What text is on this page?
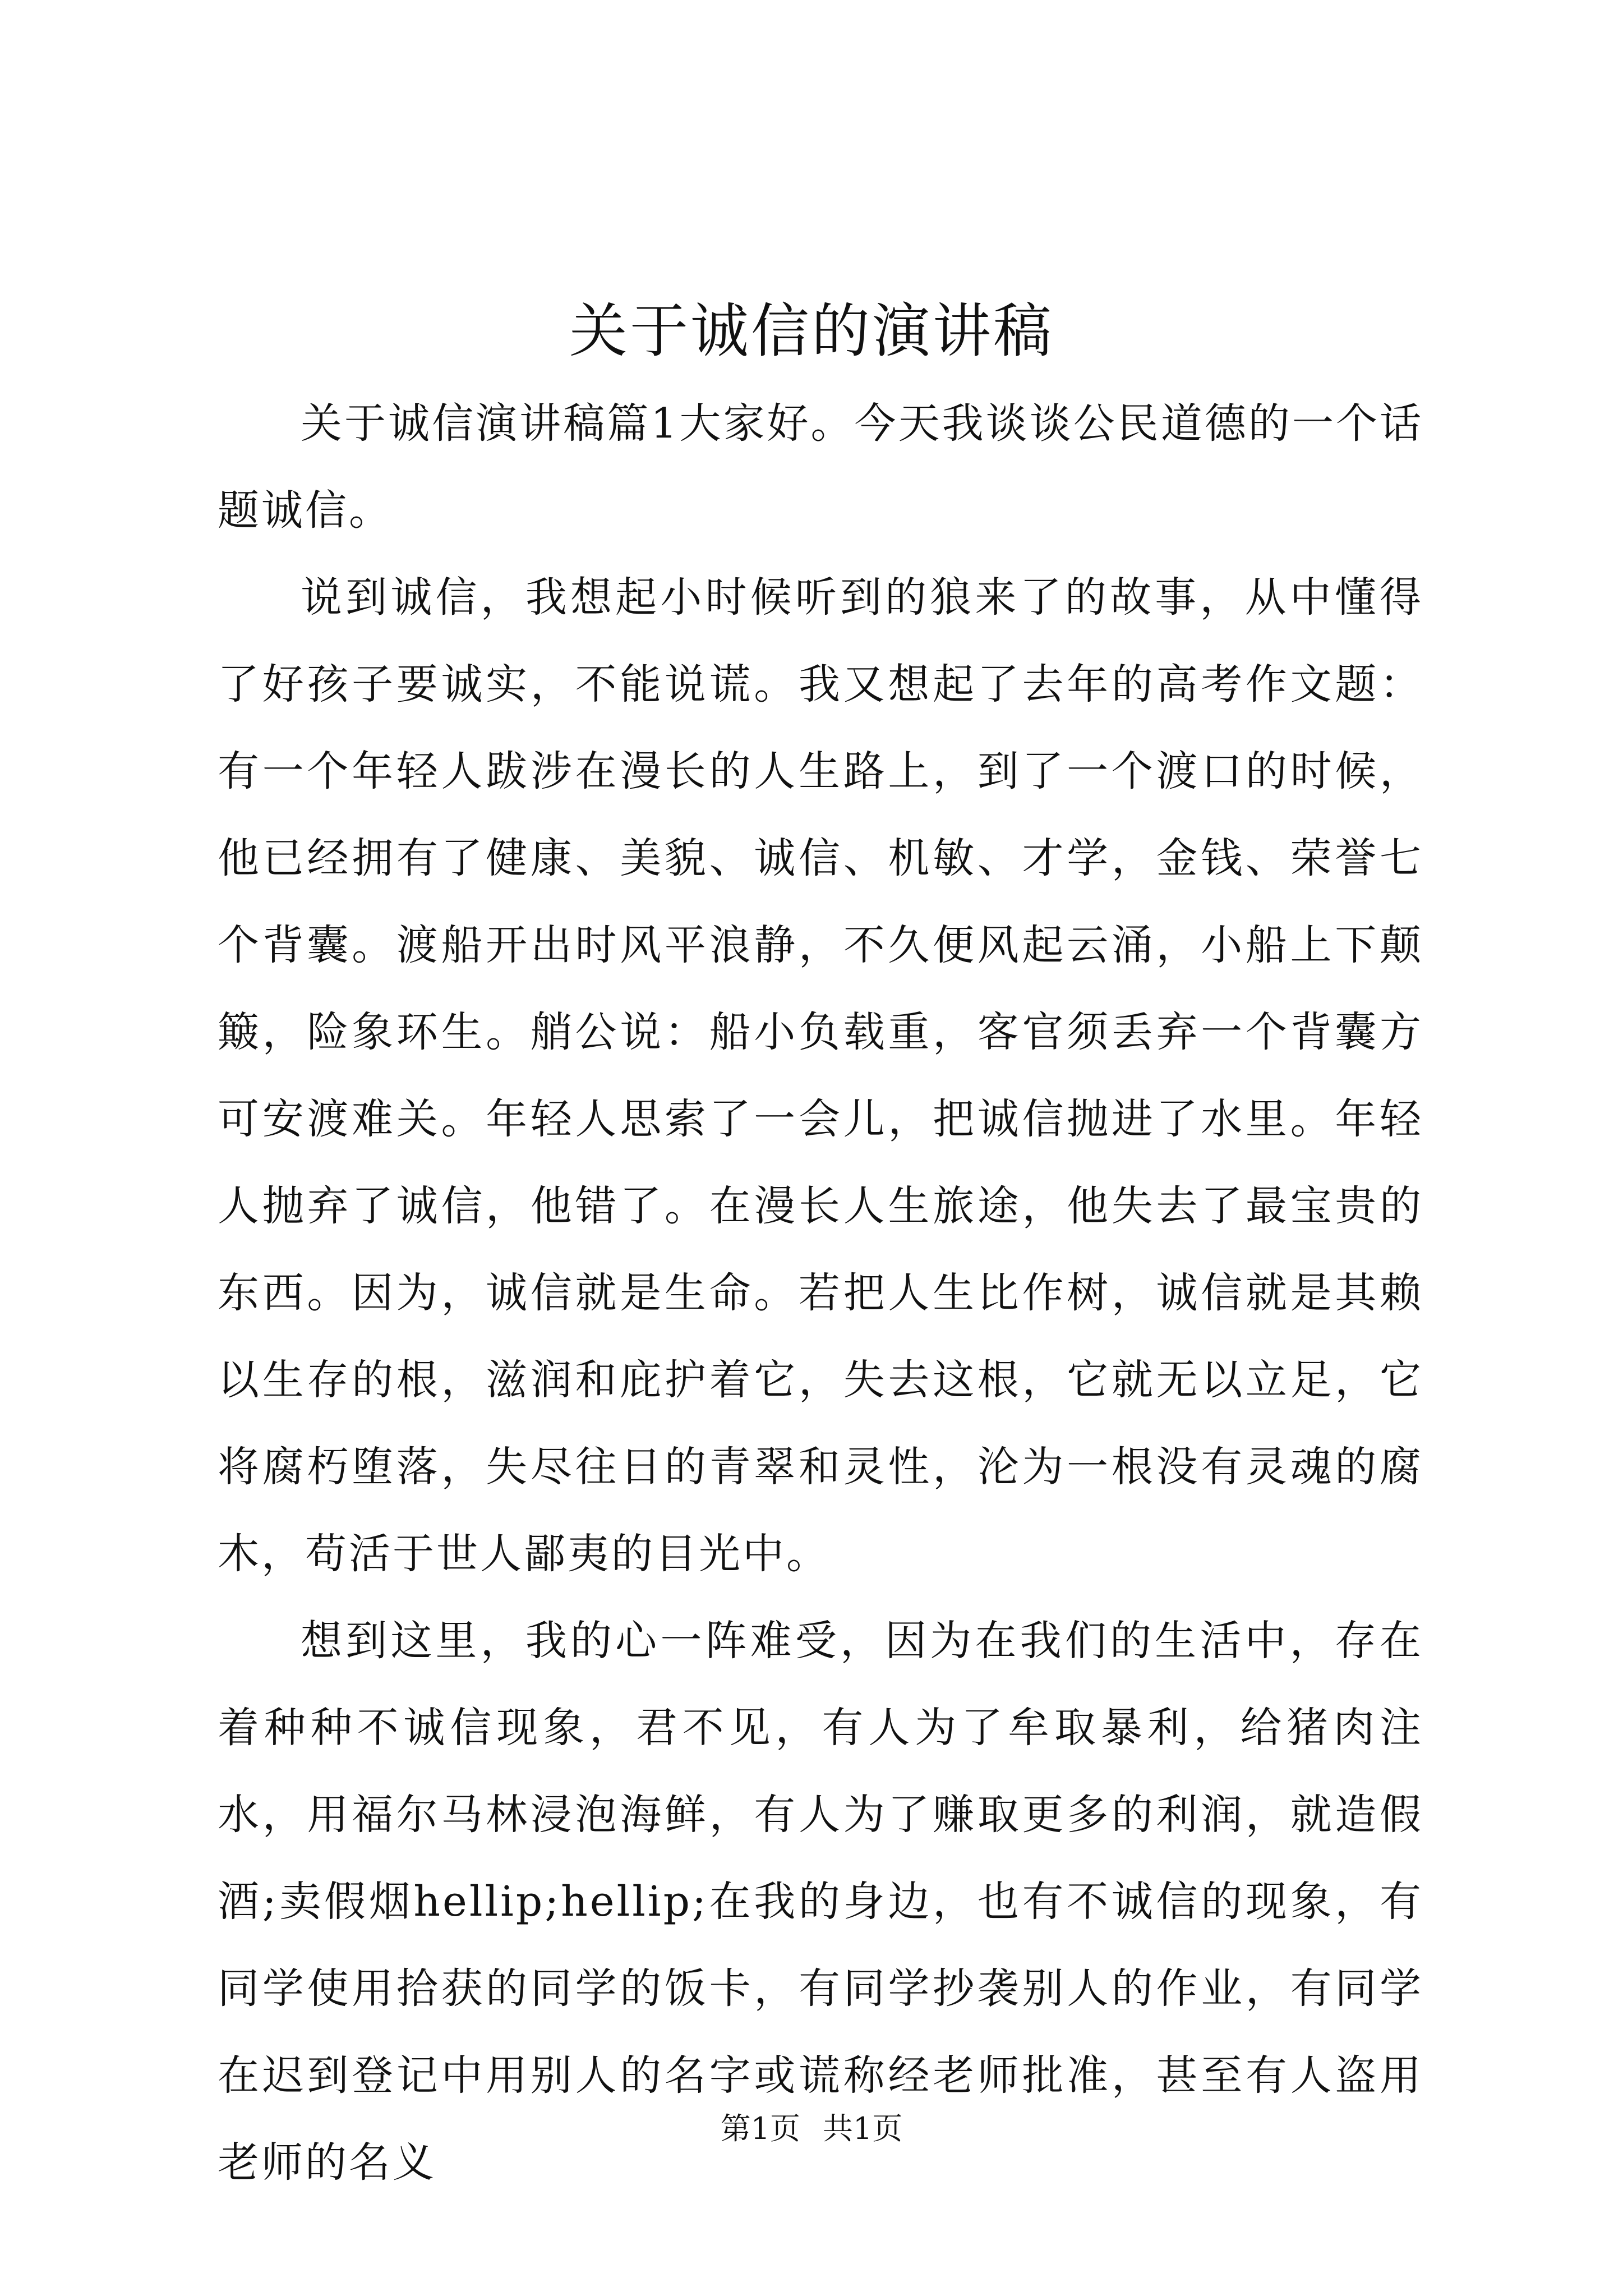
关于诚信的演讲稿

关于诚信演讲稿篇1大家好。今天我谈谈公民道德的一个话题诚信。

说到诚信，我想起小时候听到的狼来了的故事，从中懂得了好孩子要诚实，不能说谎。我又想起了去年的高考作文题：有一个年轻人跋涉在漫长的人生路上，到了一个渡口的时候，他已经拥有了健康、美貌、诚信、机敏、才学，金钱、荣誉七个背囊。渡船开出时风平浪静，不久便风起云涌，小船上下颠簸，险象环生。艄公说：船小负载重，客官须丢弃一个背囊方可安渡难关。年轻人思索了一会儿，把诚信抛进了水里。年轻人抛弃了诚信，他错了。在漫长人生旅途，他失去了最宝贵的东西。因为，诚信就是生命。若把人生比作树，诚信就是其赖以生存的根，滋润和庇护着它，失去这根，它就无以立足，它将腐朽堕落，失尽往日的青翠和灵性，沦为一根没有灵魂的腐木，苟活于世人鄙夷的目光中。

想到这里，我的心一阵难受，因为在我们的生活中，存在着种种不诚信现象，君不见，有人为了牟取暴利，给猪肉注水，用福尔马林浸泡海鲜，有人为了赚取更多的利润，就造假酒;卖假烟hellip;hellip;在我的身边，也有不诚信的现象，有同学使用拾获的同学的饭卡，有同学抄袭别人的作业，有同学在迟到登记中用别人的名字或谎称经老师批准，甚至有人盗用老师的名义

第1页 共1页
